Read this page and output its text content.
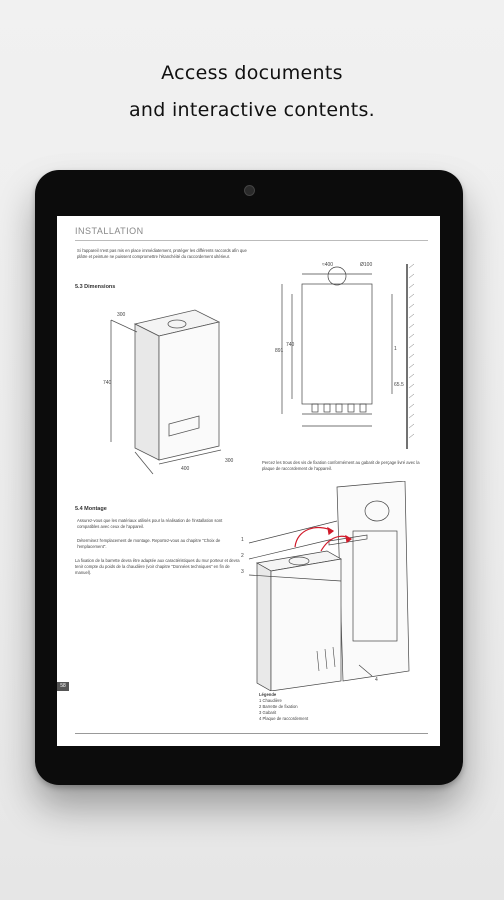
Access documents
and interactive contents.
INSTALLATION
Si l'appareil n'est pas mis en place immédiatement, protéger les différents raccords afin que plâtre et peinture ne puissent compromettre l'étanchéité du raccordement ultérieur.
5.3 Dimensions
740
300
400
300
≈400	Ø100
891
740
1
65.5
Percez les trous des vis de fixation conformément au gabarit de perçage livré avec la plaque de raccordement de l'appareil.
5.4 Montage
Assurez-vous que les matériaux utilisés pour la réalisation de l'installation sont compatibles avec ceux de l'appareil.
Déterminez l'emplacement de montage. Reportez-vous au chapitre "Choix de l'emplacement".
La fixation de la barrette devra être adaptée aux caractéristiques du mur porteur et devra tenir compte du poids de la chaudière (voir chapitre "Données techniques" en fin de manuel).
1
2
3
4
Légende
1 Chaudière
2 Barrette de fixation
3 Gabarit
4 Plaque de raccordement
58
